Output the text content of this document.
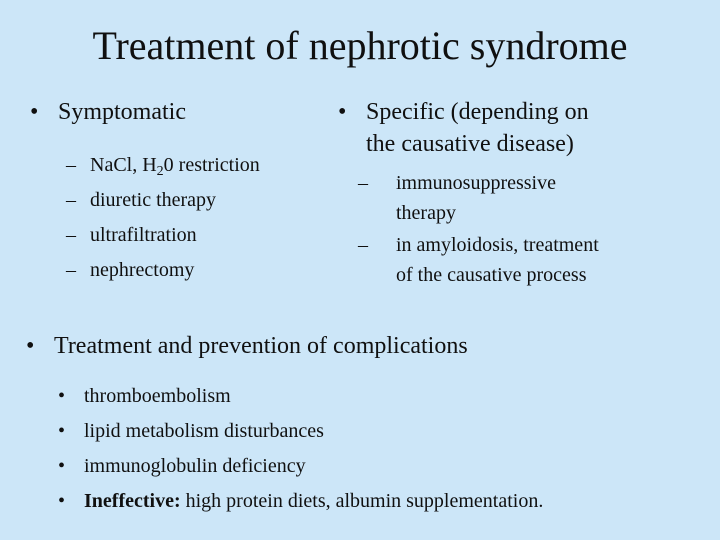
Treatment of nephrotic syndrome
• Symptomatic
– NaCl, $H_20$ restriction
– diuretic therapy
– ultrafiltration
– nephrectomy
• Specific (depending on
the causative disease)
– immunosuppressive
therapy
– in amyloidosis, treatment
of the causative process
• Treatment and prevention of complications
• thromboembolism
• lipid metabolism disturbances
• immunoglobulin deficiency
• Ineffective: high protein diets, albumin supplementation.
